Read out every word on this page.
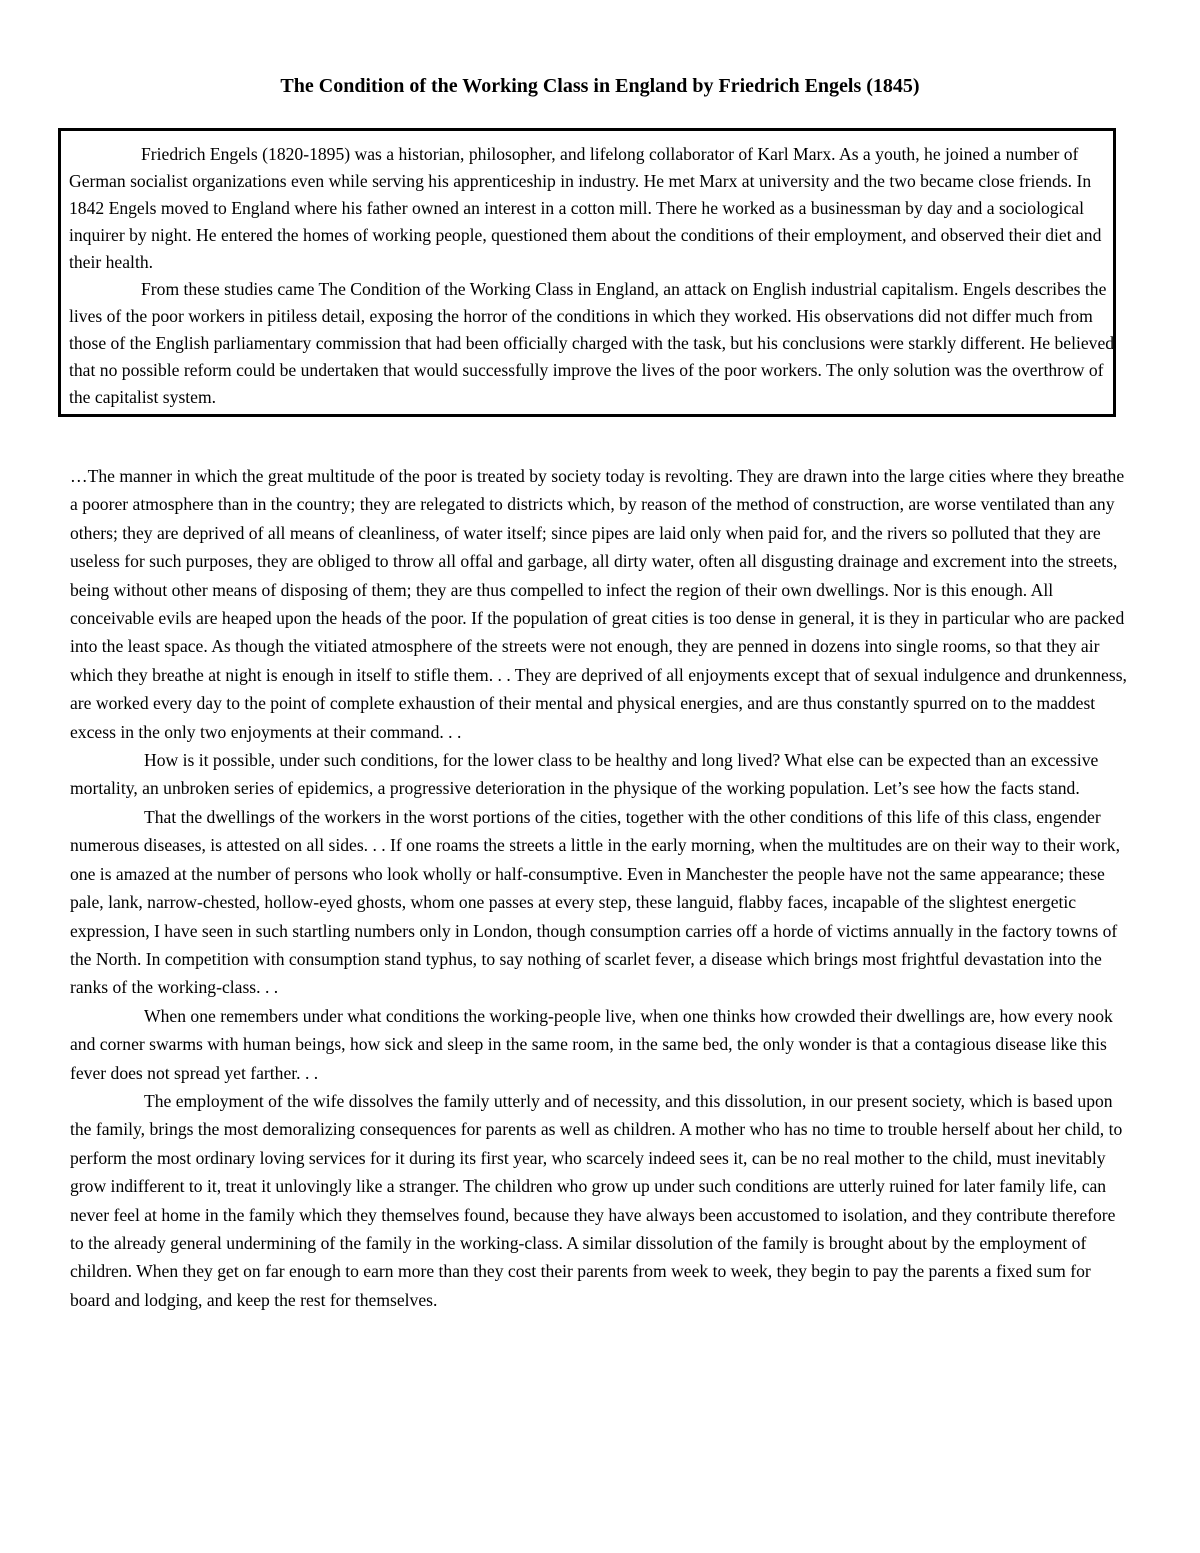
The Condition of the Working Class in England by Friedrich Engels (1845)

Friedrich Engels (1820-1895) was a historian, philosopher, and lifelong collaborator of Karl Marx. As a youth, he joined a number of German socialist organizations even while serving his apprenticeship in industry. He met Marx at university and the two became close friends. In 1842 Engels moved to England where his father owned an interest in a cotton mill. There he worked as a businessman by day and a sociological inquirer by night. He entered the homes of working people, questioned them about the conditions of their employment, and observed their diet and their health.

From these studies came The Condition of the Working Class in England, an attack on English industrial capitalism. Engels describes the lives of the poor workers in pitiless detail, exposing the horror of the conditions in which they worked. His observations did not differ much from those of the English parliamentary commission that had been officially charged with the task, but his conclusions were starkly different. He believed that no possible reform could be undertaken that would successfully improve the lives of the poor workers. The only solution was the overthrow of the capitalist system.

…The manner in which the great multitude of the poor is treated by society today is revolting. They are drawn into the large cities where they breathe a poorer atmosphere than in the country; they are relegated to districts which, by reason of the method of construction, are worse ventilated than any others; they are deprived of all means of cleanliness, of water itself; since pipes are laid only when paid for, and the rivers so polluted that they are useless for such purposes, they are obliged to throw all offal and garbage, all dirty water, often all disgusting drainage and excrement into the streets, being without other means of disposing of them; they are thus compelled to infect the region of their own dwellings. Nor is this enough. All conceivable evils are heaped upon the heads of the poor. If the population of great cities is too dense in general, it is they in particular who are packed into the least space. As though the vitiated atmosphere of the streets were not enough, they are penned in dozens into single rooms, so that they air which they breathe at night is enough in itself to stifle them. . . They are deprived of all enjoyments except that of sexual indulgence and drunkenness, are worked every day to the point of complete exhaustion of their mental and physical energies, and are thus constantly spurred on to the maddest excess in the only two enjoyments at their command. . .

How is it possible, under such conditions, for the lower class to be healthy and long lived? What else can be expected than an excessive mortality, an unbroken series of epidemics, a progressive deterioration in the physique of the working population. Let’s see how the facts stand.

That the dwellings of the workers in the worst portions of the cities, together with the other conditions of this life of this class, engender numerous diseases, is attested on all sides. . . If one roams the streets a little in the early morning, when the multitudes are on their way to their work, one is amazed at the number of persons who look wholly or half-consumptive. Even in Manchester the people have not the same appearance; these pale, lank, narrow-chested, hollow-eyed ghosts, whom one passes at every step, these languid, flabby faces, incapable of the slightest energetic expression, I have seen in such startling numbers only in London, though consumption carries off a horde of victims annually in the factory towns of the North. In competition with consumption stand typhus, to say nothing of scarlet fever, a disease which brings most frightful devastation into the ranks of the working-class. . .

When one remembers under what conditions the working-people live, when one thinks how crowded their dwellings are, how every nook and corner swarms with human beings, how sick and sleep in the same room, in the same bed, the only wonder is that a contagious disease like this fever does not spread yet farther. . .

The employment of the wife dissolves the family utterly and of necessity, and this dissolution, in our present society, which is based upon the family, brings the most demoralizing consequences for parents as well as children. A mother who has no time to trouble herself about her child, to perform the most ordinary loving services for it during its first year, who scarcely indeed sees it, can be no real mother to the child, must inevitably grow indifferent to it, treat it unlovingly like a stranger. The children who grow up under such conditions are utterly ruined for later family life, can never feel at home in the family which they themselves found, because they have always been accustomed to isolation, and they contribute therefore to the already general undermining of the family in the working-class. A similar dissolution of the family is brought about by the employment of children. When they get on far enough to earn more than they cost their parents from week to week, they begin to pay the parents a fixed sum for board and lodging, and keep the rest for themselves.
